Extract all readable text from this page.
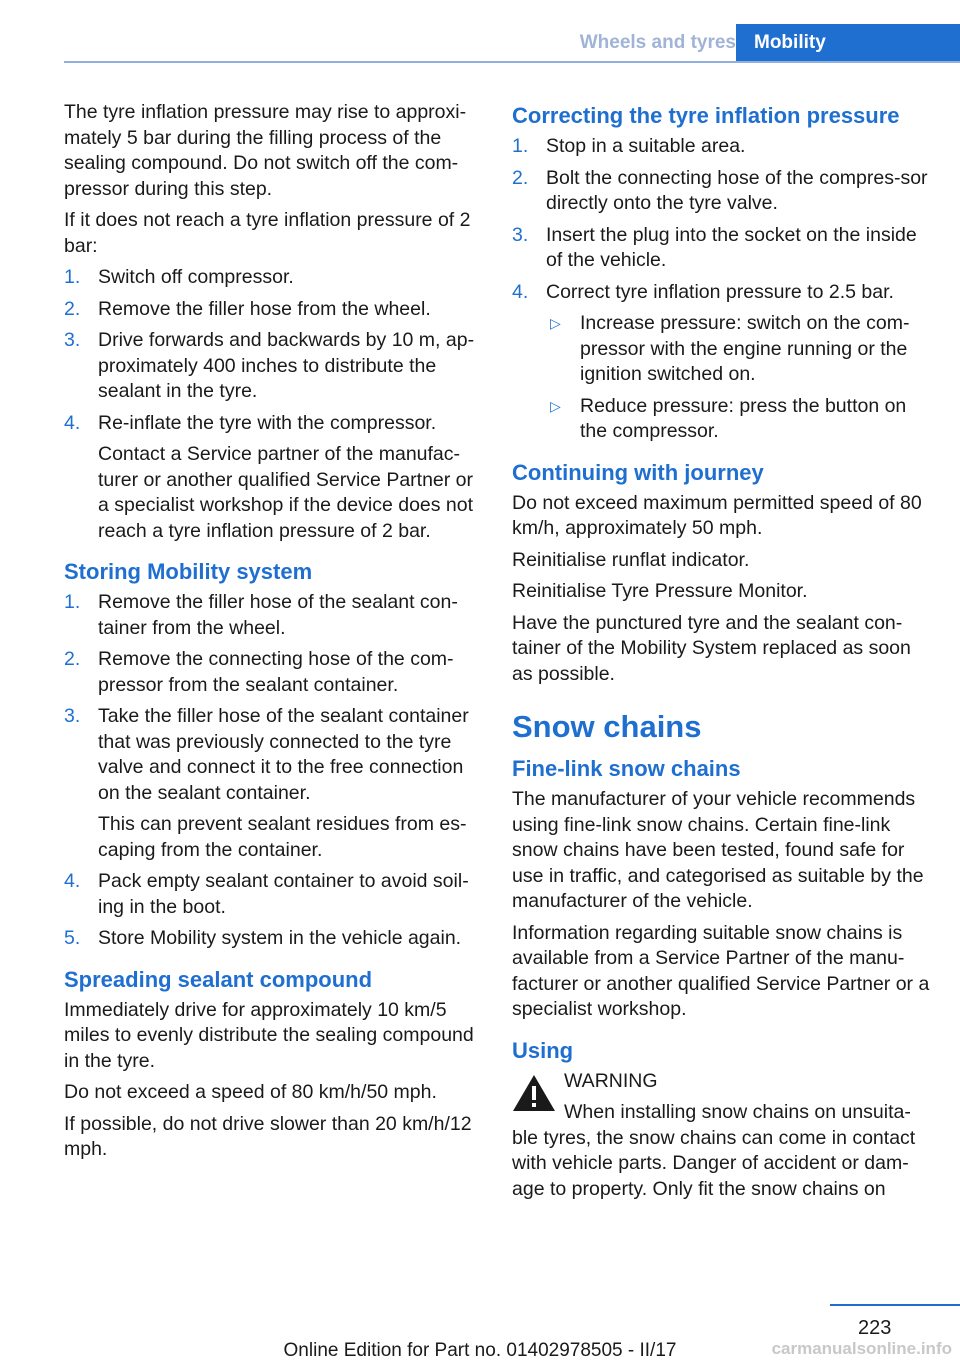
Wheels and tyres Mobility

The tyre inflation pressure may rise to approxi-mately 5 bar during the filling process of the sealing compound. Do not switch off the com-pressor during this step.

If it does not reach a tyre inflation pressure of 2 bar:

1. Switch off compressor.
2. Remove the filler hose from the wheel.
3. Drive forwards and backwards by 10 m, ap-proximately 400 inches to distribute the sealant in the tyre.
4. Re-inflate the tyre with the compressor.
Contact a Service partner of the manufac-turer or another qualified Service Partner or a specialist workshop if the device does not reach a tyre inflation pressure of 2 bar.
Storing Mobility system
1. Remove the filler hose of the sealant con-tainer from the wheel.
2. Remove the connecting hose of the com-pressor from the sealant container.
3. Take the filler hose of the sealant container that was previously connected to the tyre valve and connect it to the free connection on the sealant container.
This can prevent sealant residues from es-caping from the container.
4. Pack empty sealant container to avoid soil-ing in the boot.
5. Store Mobility system in the vehicle again.
Spreading sealant compound

Immediately drive for approximately 10 km/5 miles to evenly distribute the sealing compound in the tyre.

Do not exceed a speed of 80 km/h/50 mph.

If possible, do not drive slower than 20 km/h/12 mph.

Correcting the tyre inflation pressure
1. Stop in a suitable area.
2. Bolt the connecting hose of the compres-sor directly onto the tyre valve.
3. Insert the plug into the socket on the inside of the vehicle.
4. Correct tyre inflation pressure to 2.5 bar.
▷ Increase pressure: switch on the com-pressor with the engine running or the ignition switched on.
▷ Reduce pressure: press the button on the compressor.
Continuing with journey

Do not exceed maximum permitted speed of 80 km/h, approximately 50 mph.

Reinitialise runflat indicator.

Reinitialise Tyre Pressure Monitor.

Have the punctured tyre and the sealant con-tainer of the Mobility System replaced as soon as possible.

Snow chains
Fine-link snow chains

The manufacturer of your vehicle recommends using fine-link snow chains. Certain fine-link snow chains have been tested, found safe for use in traffic, and categorised as suitable by the manufacturer of the vehicle.

Information regarding suitable snow chains is available from a Service Partner of the manu-facturer or another qualified Service Partner or a specialist workshop.

Using
WARNING
When installing snow chains on unsuita-
ble tyres, the snow chains can come in contact with vehicle parts. Danger of accident or dam-age to property. Only fit the snow chains on
223
Online Edition for Part no. 01402978505 - II/17	carmanualsonline.info
